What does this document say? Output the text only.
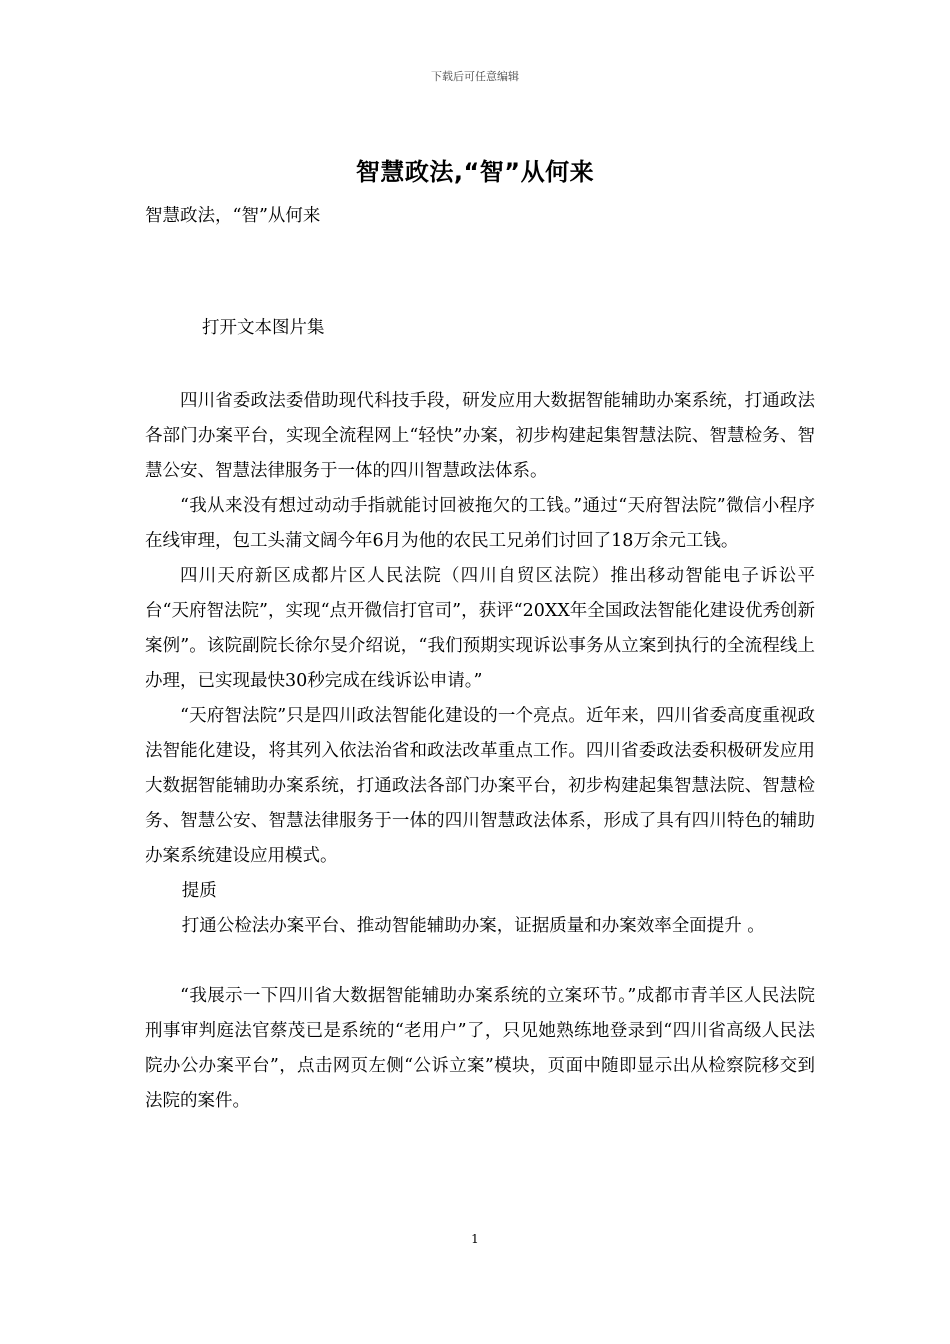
下载后可任意编辑
智慧政法,“智”从何来
智慧政法，“智”从何来
打开文本图片集

四川省委政法委借助现代科技手段，研发应用大数据智能辅助办案系统，打通政法各部门办案平台，实现全流程网上“轻快”办案，初步构建起集智慧法院、智慧检务、智慧公安、智慧法律服务于一体的四川智慧政法体系。

“我从来没有想过动动手指就能讨回被拖欠的工钱。”通过“天府智法院”微信小程序在线审理，包工头蒲文阔今年6月为他的农民工兄弟们讨回了18万余元工钱。

四川天府新区成都片区人民法院（四川自贸区法院）推出移动智能电子诉讼平台“天府智法院”，实现“点开微信打官司”，获评“20XX年全国政法智能化建设优秀创新案例”。该院副院长徐尔旻介绍说，“我们预期实现诉讼事务从立案到执行的全流程线上办理，已实现最快30秒完成在线诉讼申请。”

“天府智法院”只是四川政法智能化建设的一个亮点。近年来，四川省委高度重视政法智能化建设，将其列入依法治省和政法改革重点工作。四川省委政法委积极研发应用大数据智能辅助办案系统，打通政法各部门办案平台，初步构建起集智慧法院、智慧检务、智慧公安、智慧法律服务于一体的四川智慧政法体系，形成了具有四川特色的辅助办案系统建设应用模式。

提质

打通公检法办案平台、推动智能辅助办案，证据质量和办案效率全面提升 。

“我展示一下四川省大数据智能辅助办案系统的立案环节。”成都市青羊区人民法院刑事审判庭法官蔡茂已是系统的“老用户”了，只见她熟练地登录到“四川省高级人民法院办公办案平台”，点击网页左侧“公诉立案”模块，页面中随即显示出从检察院移交到法院的案件。

1
